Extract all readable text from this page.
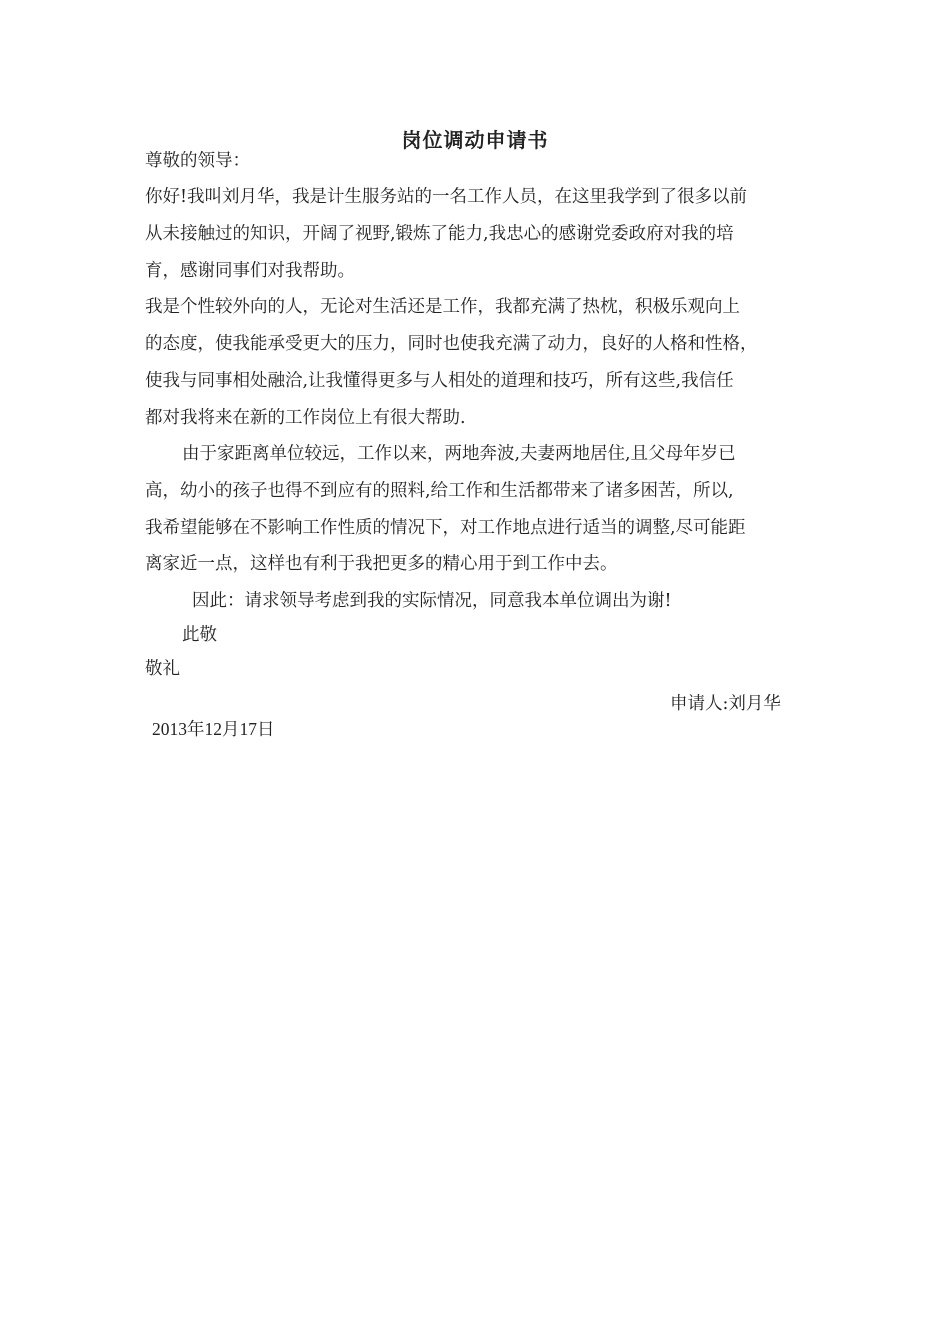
岗位调动申请书
尊敬的领导：
你好!我叫刘月华，我是计生服务站的一名工作人员，在这里我学到了很多以前
从未接触过的知识，开阔了视野,锻炼了能力,我忠心的感谢党委政府对我的培
育，感谢同事们对我帮助。
我是个性较外向的人，无论对生活还是工作，我都充满了热枕，积极乐观向上
的态度，使我能承受更大的压力，同时也使我充满了动力，良好的人格和性格，
使我与同事相处融洽,让我懂得更多与人相处的道理和技巧，所有这些,我信任
都对我将来在新的工作岗位上有很大帮助.
由于家距离单位较远，工作以来，两地奔波,夫妻两地居住,且父母年岁已
高，幼小的孩子也得不到应有的照料,给工作和生活都带来了诸多困苦，所以,
我希望能够在不影响工作性质的情况下，对工作地点进行适当的调整,尽可能距
离家近一点，这样也有利于我把更多的精心用于到工作中去。
因此：请求领导考虑到我的实际情况，同意我本单位调出为谢!
此敬
敬礼
申请人:刘月华
2013年12月17日
